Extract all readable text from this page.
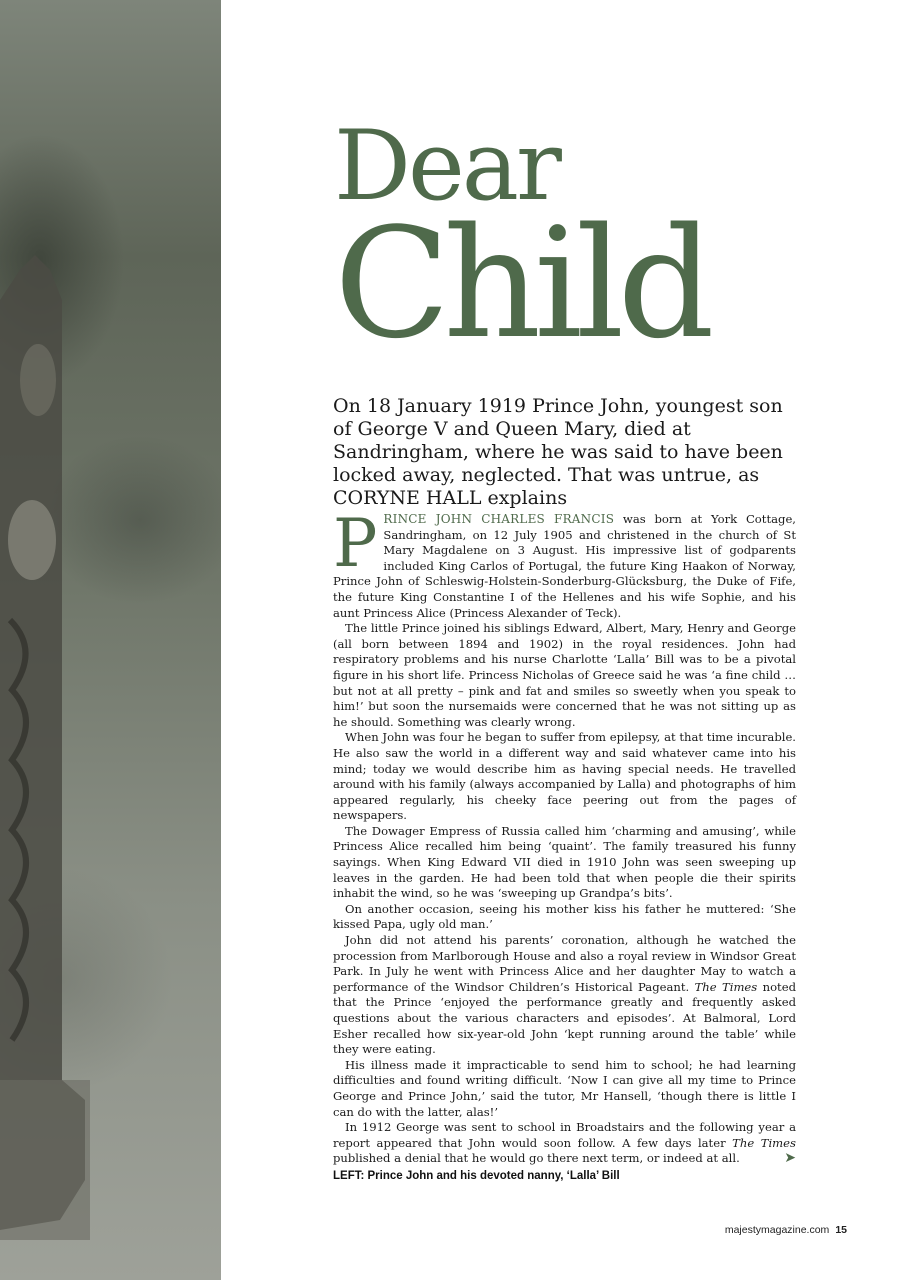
Dear
Child

On 18 January 1919 Prince John, youngest son of George V and Queen Mary, died at Sandringham, where he was said to have been locked away, neglected. That was untrue, as CORYNE HALL explains

PRINCE JOHN CHARLES FRANCIS was born at York Cottage, Sandringham, on 12 July 1905 and christened in the church of St Mary Magdalene on 3 August. His impressive list of godparents included King Carlos of Portugal, the future King Haakon of Norway, Prince John of Schleswig-Holstein-Sonderburg-Glücksburg, the Duke of Fife, the future King Constantine I of the Hellenes and his wife Sophie, and his aunt Princess Alice (Princess Alexander of Teck).

The little Prince joined his siblings Edward, Albert, Mary, Henry and George (all born between 1894 and 1902) in the royal residences. John had respiratory problems and his nurse Charlotte ‘Lalla’ Bill was to be a pivotal figure in his short life. Princess Nicholas of Greece said he was ‘a fine child … but not at all pretty – pink and fat and smiles so sweetly when you speak to him!’ but soon the nursemaids were concerned that he was not sitting up as he should. Something was clearly wrong.

When John was four he began to suffer from epilepsy, at that time incurable. He also saw the world in a different way and said whatever came into his mind; today we would describe him as having special needs. He travelled around with his family (always accompanied by Lalla) and photographs of him appeared regularly, his cheeky face peering out from the pages of newspapers.

The Dowager Empress of Russia called him ‘charming and amusing’, while Princess Alice recalled him being ‘quaint’. The family treasured his funny sayings. When King Edward VII died in 1910 John was seen sweeping up leaves in the garden. He had been told that when people die their spirits inhabit the wind, so he was ‘sweeping up Grandpa’s bits’.

On another occasion, seeing his mother kiss his father he muttered: ‘She kissed Papa, ugly old man.’

John did not attend his parents’ coronation, although he watched the procession from Marlborough House and also a royal review in Windsor Great Park. In July he went with Princess Alice and her daughter May to watch a performance of the Windsor Children’s Historical Pageant. The Times noted that the Prince ‘enjoyed the performance greatly and frequently asked questions about the various characters and episodes’. At Balmoral, Lord Esher recalled how six-year-old John ‘kept running around the table’ while they were eating.

His illness made it impracticable to send him to school; he had learning difficulties and found writing difficult. ‘Now I can give all my time to Prince George and Prince John,’ said the tutor, Mr Hansell, ‘though there is little I can do with the latter, alas!’

In 1912 George was sent to school in Broadstairs and the following year a report appeared that John would soon follow. A few days later The Times published a denial that he would go there next term, or indeed at all.	➤

LEFT: Prince John and his devoted nanny, ‘Lalla’ Bill

majestymagazine.com 15
